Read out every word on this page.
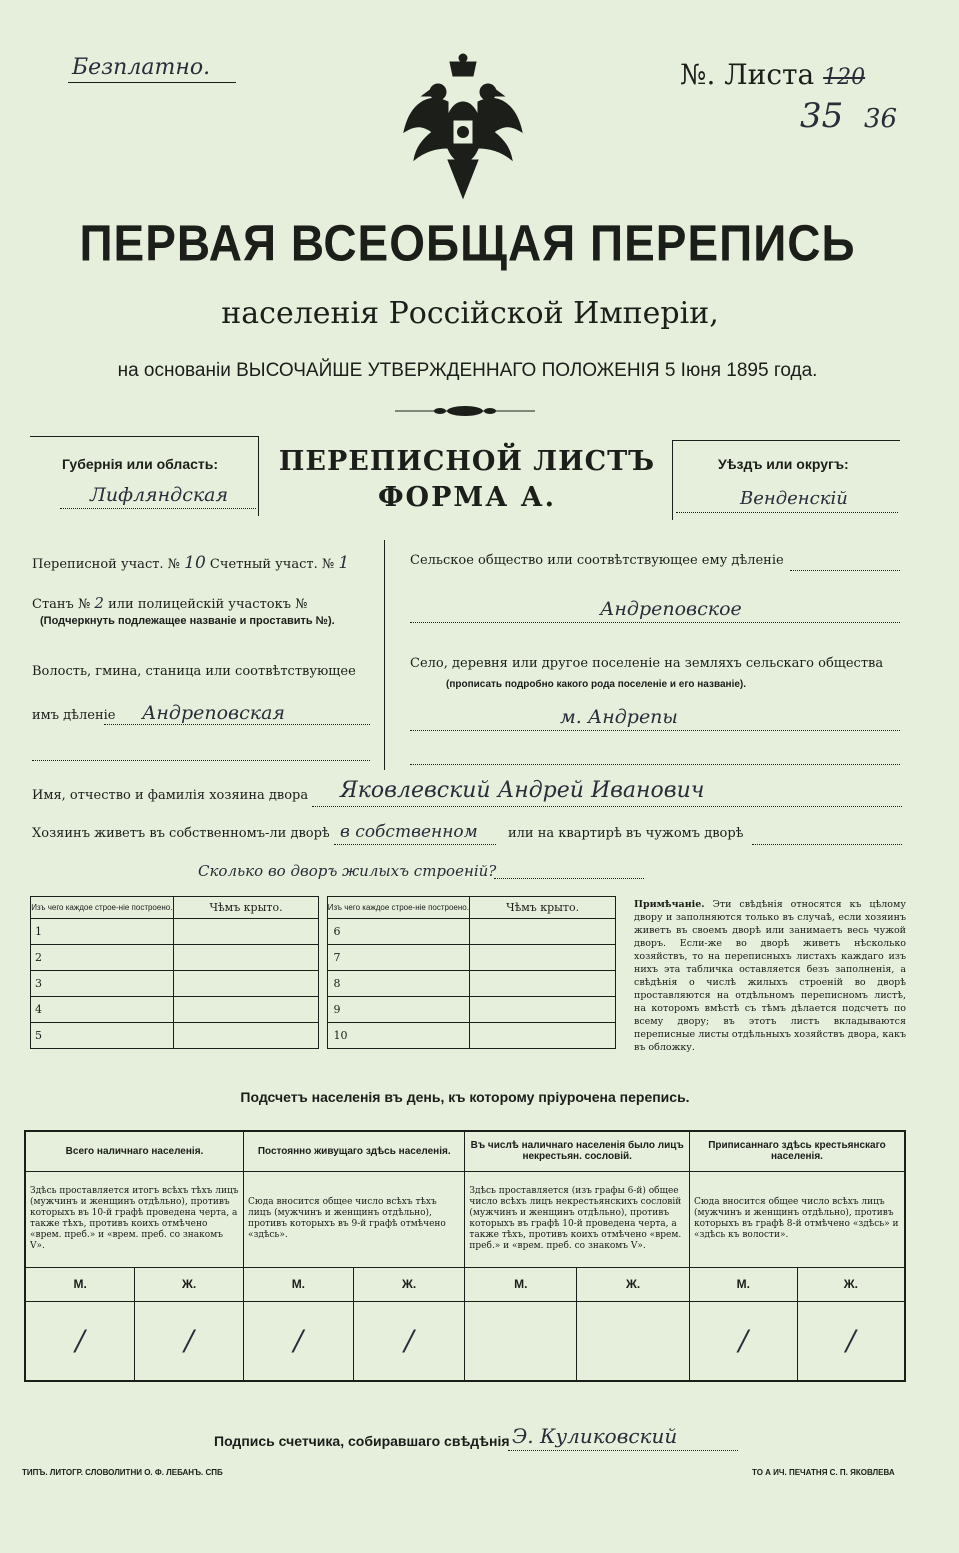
Безплатно.	№. Листа 120
35 36
ПЕРВАЯ ВСЕОБЩАЯ ПЕРЕПИСЬ
населенія Россійской Имперіи,
на основаніи ВЫСОЧАЙШЕ УТВЕРЖДЕННАГО ПОЛОЖЕНІЯ 5 Іюня 1895 года.
Губернія или область:
Лифляндская
ПЕРЕПИСНОЙ ЛИСТЪ
ФОРМА А.
Уѣздъ или округъ:
Венденскій
Переписной участ. № 10 Счетный участ. № 1
Станъ № 2 или полицейскій участокъ №
(Подчеркнуть подлежащее названіе и проставить №).
Волость, гмина, станица или соотвѣтствующее
имъ дѣленіе Андреповская
Сельское общество или соотвѣтствующее ему дѣленіе
Андреповское
Село, деревня или другое поселеніе на земляхъ сельскаго общества
(прописать подробно какого рода поселеніе и его названіе).
м. Андрепы
Имя, отчество и фамилія хозяина двора Яковлевский Андрей Иванович
Хозяинъ живетъ въ собственномъ-ли дворѣ в собственном или на квартирѣ въ чужомъ дворѣ
Сколько во дворъ жилыхъ строеній?
Изъ чего каждое строе-ніе построено.	Чѣмъ крыто.		Изъ чего каждое строе-ніе построено.	Чѣмъ крыто.
1			6	
2			7	
3			8	
4			9	
5			10	
Примѣчаніе. Эти свѣдѣнія относятся къ цѣлому двору и заполняются только въ случаѣ, если хозяинъ живетъ въ своемъ дворѣ или занимаетъ весь чужой дворъ. Если-же во дворѣ живетъ нѣсколько хозяйствъ, то на переписныхъ листахъ каждаго изъ нихъ эта табличка оставляется безъ заполненія, а свѣдѣнія о числѣ жилыхъ строеній во дворѣ проставляются на отдѣльномъ переписномъ листѣ, на которомъ вмѣстѣ съ тѣмъ дѣлается подсчетъ по всему двору; въ этотъ листъ вкладываются переписные листы отдѣльныхъ хозяйствъ двора, какъ въ обложку.
Подсчетъ населенія въ день, къ которому пріурочена перепись.
Всего наличнаго населенія.		Постоянно живущаго здѣсь населенія.		Въ числѣ наличнаго населенія было лицъ некрестьян. сословій.		Приписаннаго здѣсь крестьянскаго населенія.	
Здѣсь проставляется итогъ всѣхъ тѣхъ лицъ (мужчинъ и женщинъ отдѣльно), противъ которыхъ въ 10-й графѣ проведена черта, а также тѣхъ, противъ коихъ отмѣчено «врем. преб.» и «врем. преб. со знакомъ V».		Сюда вносится общее число всѣхъ тѣхъ лицъ (мужчинъ и женщинъ отдѣльно), противъ которыхъ въ 9-й графѣ отмѣчено «здѣсь».		Здѣсь проставляется (изъ графы 6-й) общее число всѣхъ лицъ некрестьянскихъ сословій (мужчинъ и женщинъ отдѣльно), противъ которыхъ въ графѣ 10-й проведена черта, а также тѣхъ, противъ коихъ отмѣчено «врем. преб.» и «врем. преб. со знакомъ V».		Сюда вносится общее число всѣхъ лицъ (мужчинъ и женщинъ отдѣльно), противъ которыхъ въ графѣ 8-й отмѣчено «здѣсь» и «здѣсь къ волости».	
М.	Ж.	М.	Ж.	М.	Ж.	М.	Ж.
/	/	/	/			/	/
Подпись счетчика, собиравшаго свѣдѣнія Э. Куликовский
ТИПЪ. ЛИТОГР. СЛОВОЛИТНИ О. Ф. ЛЕБАНЪ. СПБ	ТО А ИЧ. ПЕЧАТНЯ С. П. ЯКОВЛЕВА
